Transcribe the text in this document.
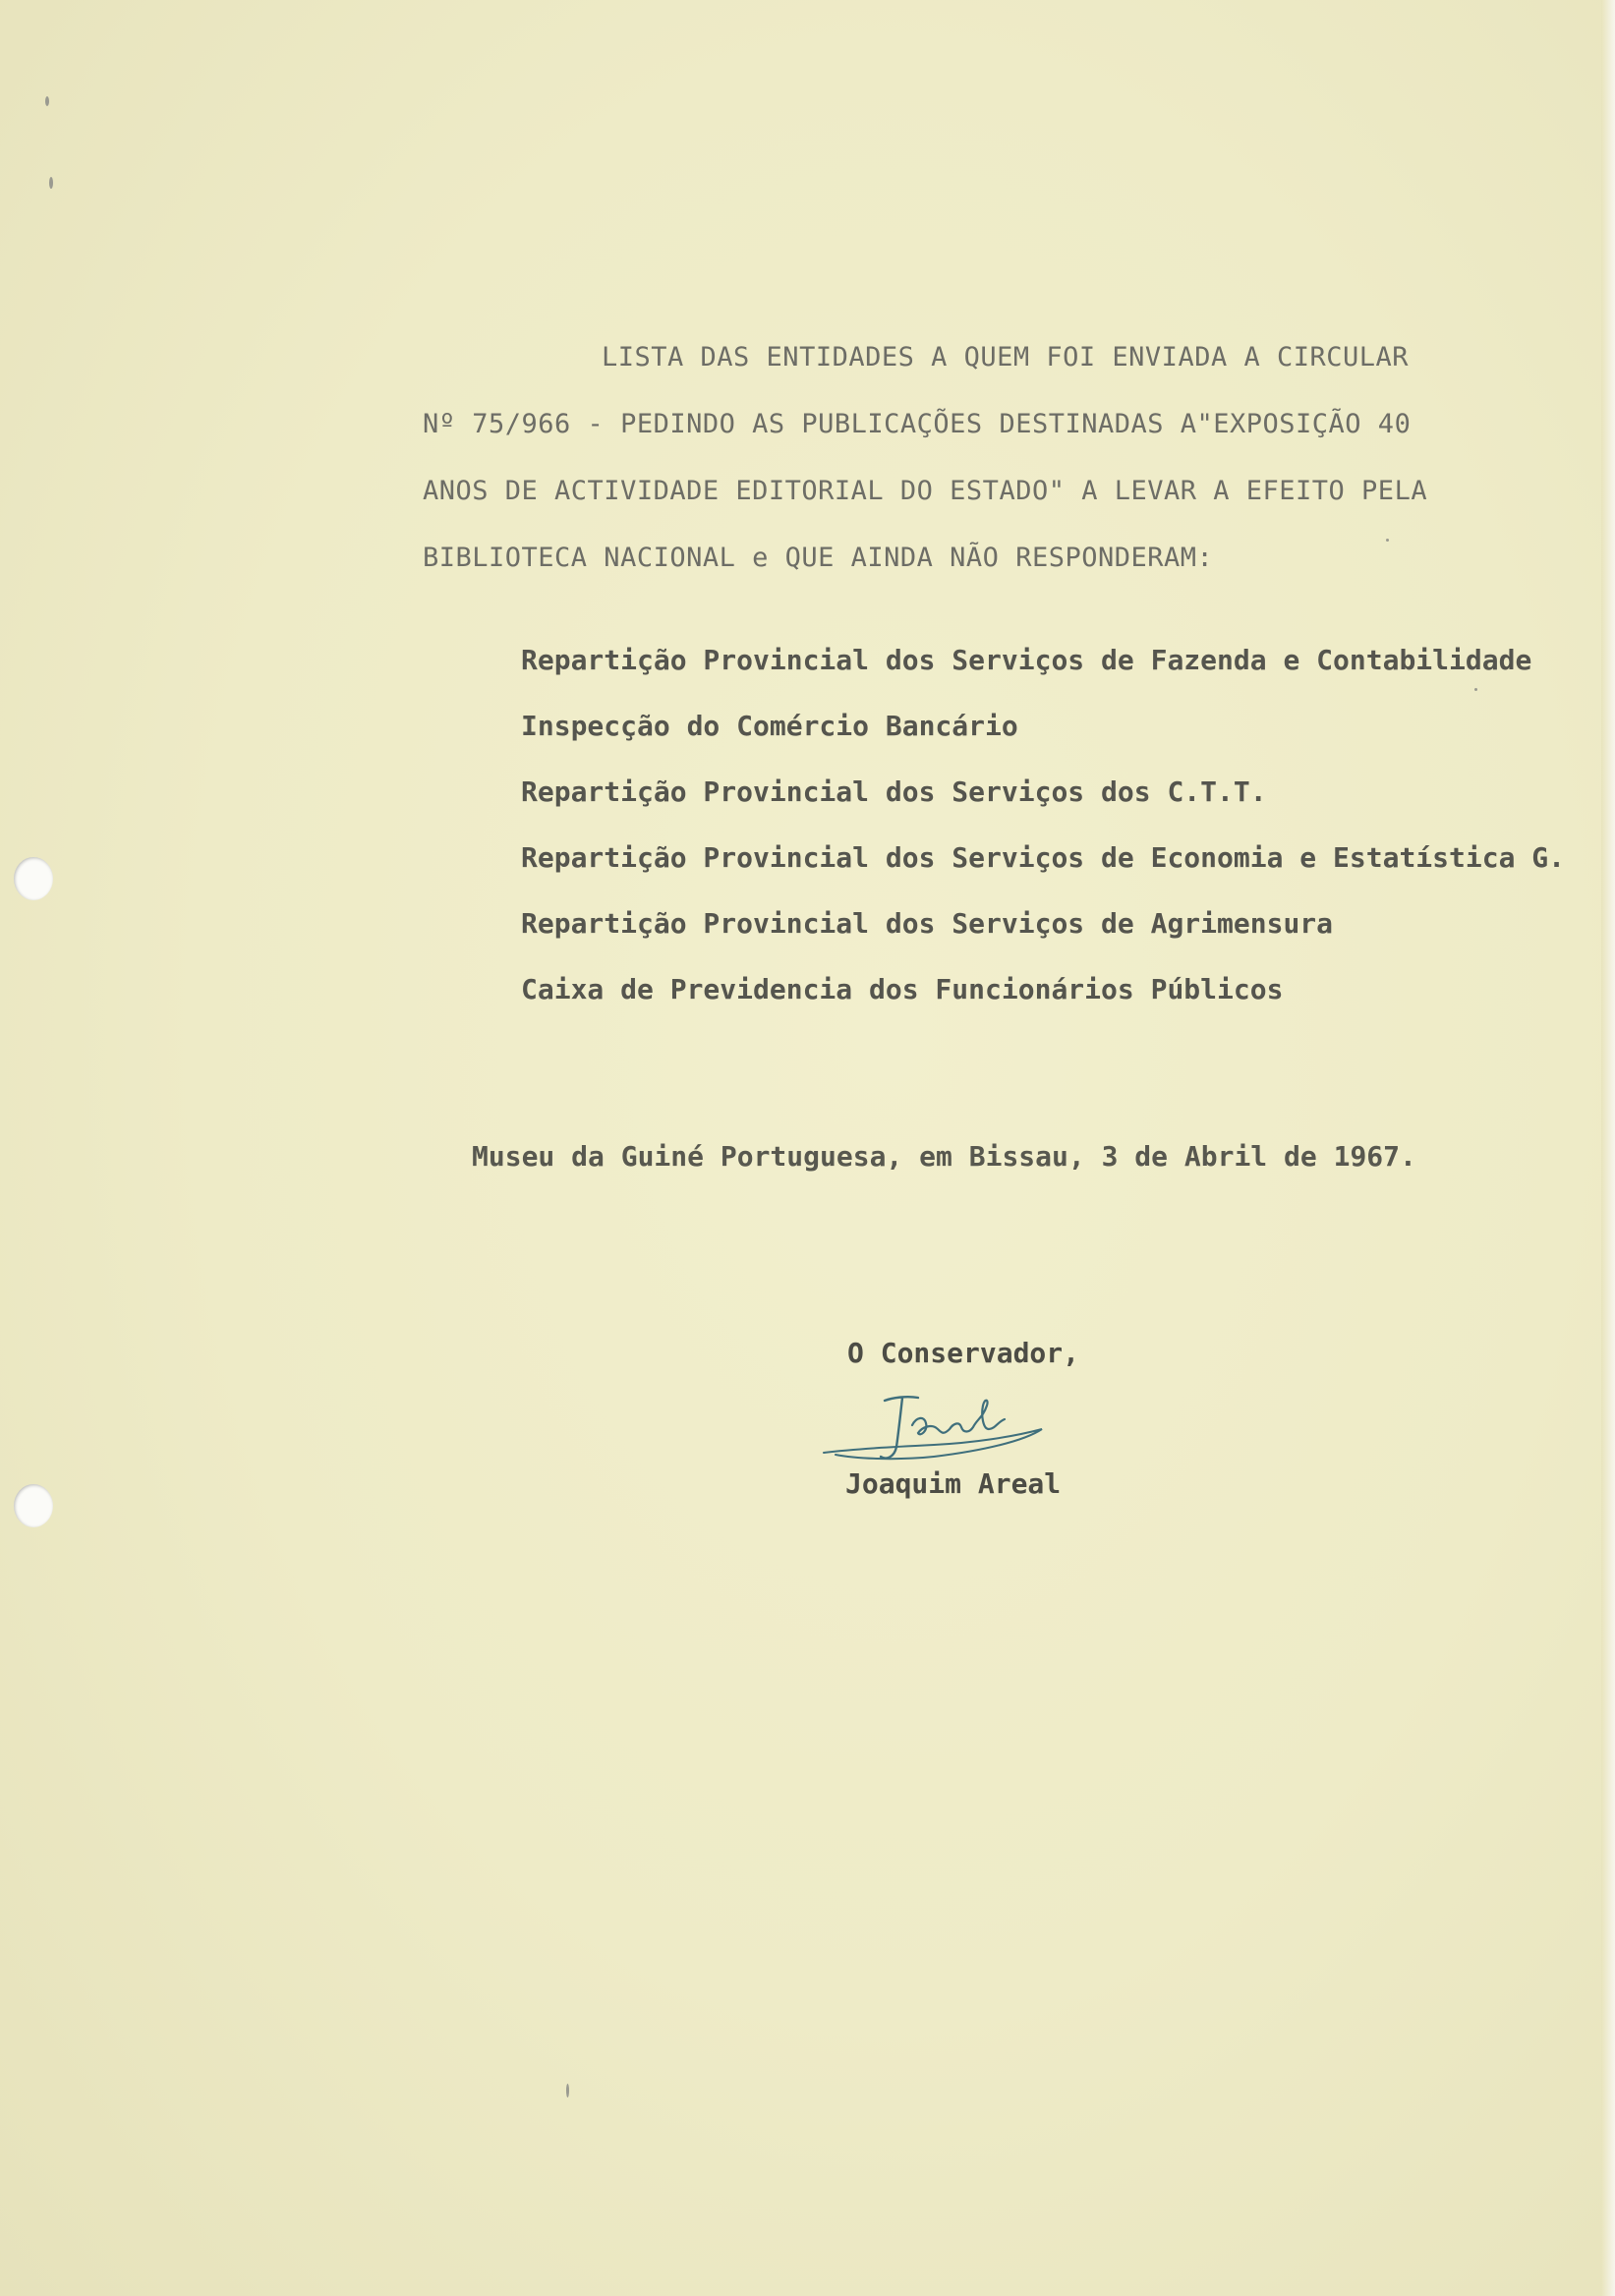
LISTA DAS ENTIDADES A QUEM FOI ENVIADA A CIRCULAR

Nº 75/966 - PEDINDO AS PUBLICAÇÕES DESTINADAS A"EXPOSIÇÃO 40

ANOS DE ACTIVIDADE EDITORIAL DO ESTADO" A LEVAR A EFEITO PELA

BIBLIOTECA NACIONAL e QUE AINDA NÃO RESPONDERAM:

Repartição Provincial dos Serviços de Fazenda e Contabilidade
Inspecção do Comércio Bancário
Repartição Provincial dos Serviços dos C.T.T.
Repartição Provincial dos Serviços de Economia e Estatística G.
Repartição Provincial dos Serviços de Agrimensura
Caixa de Previdencia dos Funcionários Públicos
Museu da Guiné Portuguesa, em Bissau, 3 de Abril de 1967.
O Conservador,
Joaquim Areal
